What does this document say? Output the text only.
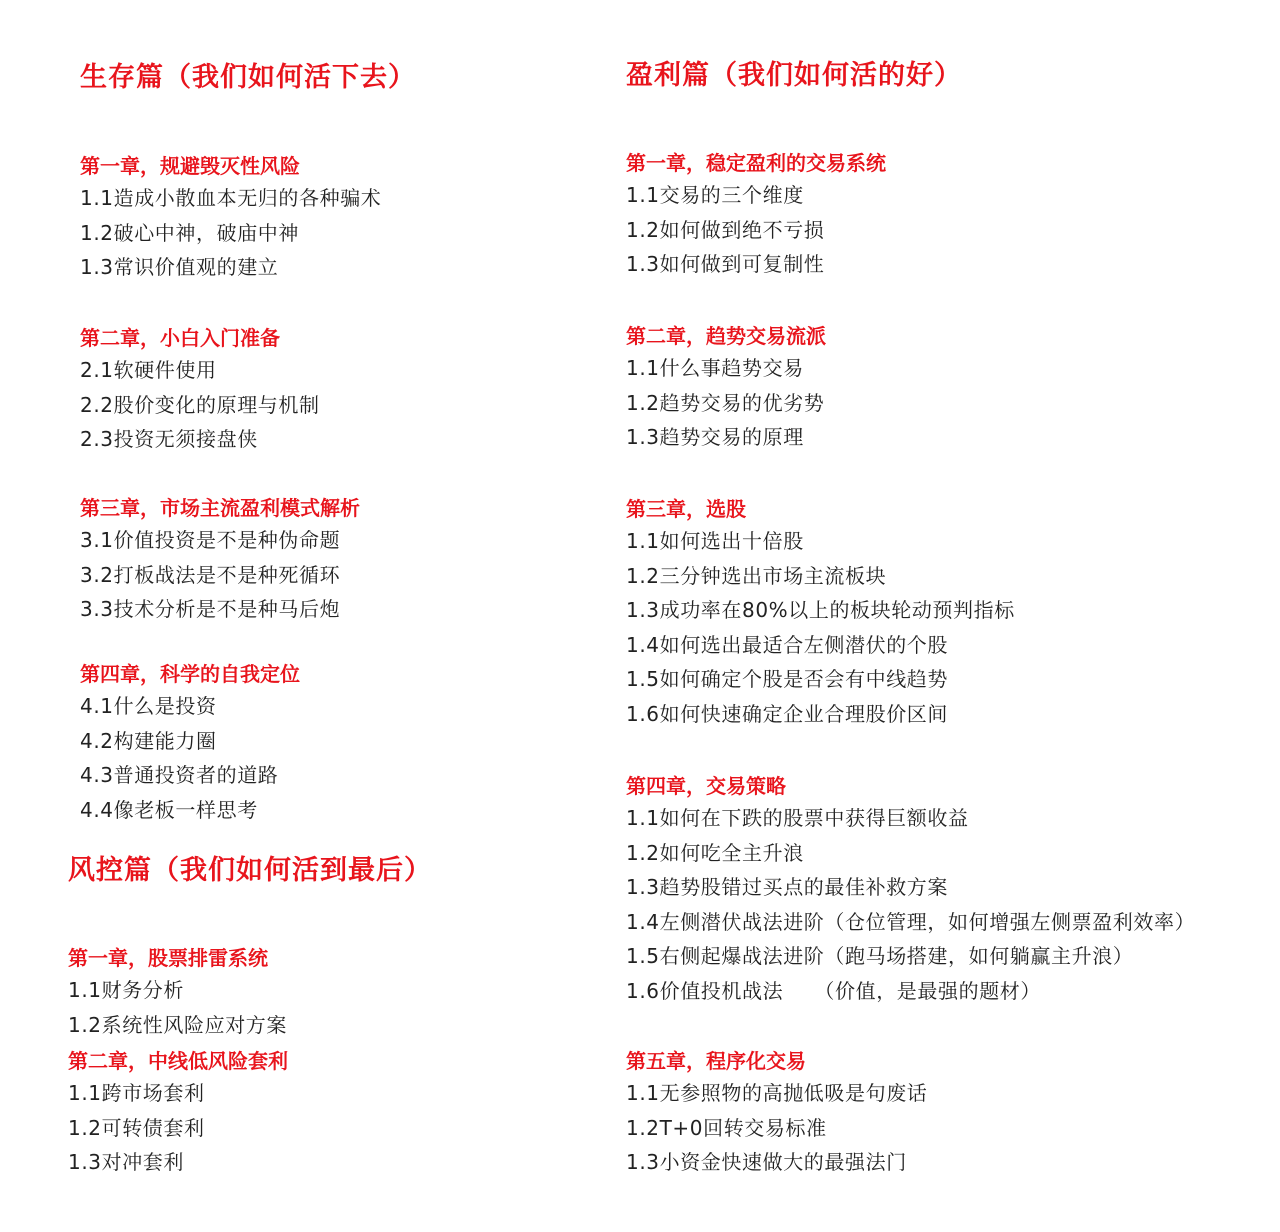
生存篇（我们如何活下去）
第一章，规避毁灭性风险
1.1造成小散血本无归的各种骗术
1.2破心中神，破庙中神
1.3常识价值观的建立
第二章，小白入门准备
2.1软硬件使用
2.2股价变化的原理与机制
2.3投资无须接盘侠
第三章，市场主流盈利模式解析
3.1价值投资是不是种伪命题
3.2打板战法是不是种死循环
3.3技术分析是不是种马后炮
第四章，科学的自我定位
4.1什么是投资
4.2构建能力圈
4.3普通投资者的道路
4.4像老板一样思考
风控篇（我们如何活到最后）
第一章，股票排雷系统
1.1财务分析
1.2系统性风险应对方案
第二章，中线低风险套利
1.1跨市场套利
1.2可转债套利
1.3对冲套利
盈利篇（我们如何活的好）
第一章，稳定盈利的交易系统
1.1交易的三个维度
1.2如何做到绝不亏损
1.3如何做到可复制性
第二章，趋势交易流派
1.1什么事趋势交易
1.2趋势交易的优劣势
1.3趋势交易的原理
第三章，选股
1.1如何选出十倍股
1.2三分钟选出市场主流板块
1.3成功率在80%以上的板块轮动预判指标
1.4如何选出最适合左侧潜伏的个股
1.5如何确定个股是否会有中线趋势
1.6如何快速确定企业合理股价区间
第四章，交易策略
1.1如何在下跌的股票中获得巨额收益
1.2如何吃全主升浪
1.3趋势股错过买点的最佳补救方案
1.4左侧潜伏战法进阶（仓位管理，如何增强左侧票盈利效率）
1.5右侧起爆战法进阶（跑马场搭建，如何躺赢主升浪）
1.6价值投机战法　　（价值，是最强的题材）
第五章，程序化交易
1.1无参照物的高抛低吸是句废话
1.2T+0回转交易标准
1.3小资金快速做大的最强法门
